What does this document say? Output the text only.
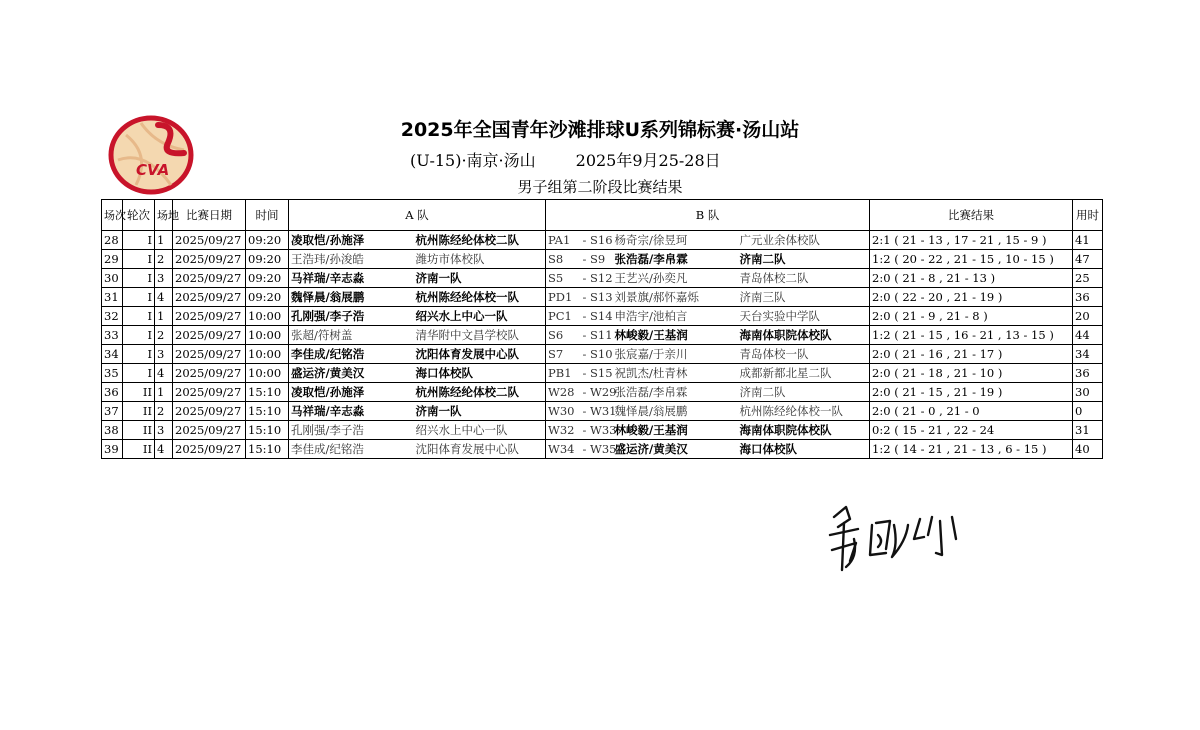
CVA
2025年全国青年沙滩排球U系列锦标赛·汤山站
(U-15)·南京·汤山	2025年9月25-28日
男子组第二阶段比赛结果
场次	轮次	场地	比赛日期	时间	A 队		B 队				比赛结果	用时
28	I	1	2025/09/27	09:20	凌取恺/孙施泽	杭州陈经纶体校二队	PA1	- S16	杨奇宗/徐昱珂	广元业余体校队	2:1 ( 21 - 13 , 17 - 21 , 15 - 9 )	41
29	I	2	2025/09/27	09:20	王浩玮/孙浚皓	潍坊市体校队	S8	- S9	张浩磊/李帛霖	济南二队	1:2 ( 20 - 22 , 21 - 15 , 10 - 15 )	47
30	I	3	2025/09/27	09:20	马祥瑞/辛志淼	济南一队	S5	- S12	王艺兴/孙奕凡	青岛体校二队	2:0 ( 21 - 8 , 21 - 13 )	25
31	I	4	2025/09/27	09:20	魏怿晨/翁展鹏	杭州陈经纶体校一队	PD1	- S13	刘景旗/郝怀嘉烁	济南三队	2:0 ( 22 - 20 , 21 - 19 )	36
32	I	1	2025/09/27	10:00	孔刚强/李子浩	绍兴水上中心一队	PC1	- S14	申浩宇/池柏言	天台实验中学队	2:0 ( 21 - 9 , 21 - 8 )	20
33	I	2	2025/09/27	10:00	张超/符树盖	清华附中文昌学校队	S6	- S11	林峻毅/王基润	海南体职院体校队	1:2 ( 21 - 15 , 16 - 21 , 13 - 15 )	44
34	I	3	2025/09/27	10:00	李佳成/纪铭浩	沈阳体育发展中心队	S7	- S10	张宸嘉/于亲川	青岛体校一队	2:0 ( 21 - 16 , 21 - 17 )	34
35	I	4	2025/09/27	10:00	盛运济/黄美汉	海口体校队	PB1	- S15	祝凯杰/杜青林	成都新都北星二队	2:0 ( 21 - 18 , 21 - 10 )	36
36	II	1	2025/09/27	15:10	凌取恺/孙施泽	杭州陈经纶体校二队	W28	- W29	张浩磊/李帛霖	济南二队	2:0 ( 21 - 15 , 21 - 19 )	30
37	II	2	2025/09/27	15:10	马祥瑞/辛志淼	济南一队	W30	- W31	魏怿晨/翁展鹏	杭州陈经纶体校一队	2:0 ( 21 - 0 , 21 - 0	0
38	II	3	2025/09/27	15:10	孔刚强/李子浩	绍兴水上中心一队	W32	- W33	林峻毅/王基润	海南体职院体校队	0:2 ( 15 - 21 , 22 - 24	31
39	II	4	2025/09/27	15:10	李佳成/纪铭浩	沈阳体育发展中心队	W34	- W35	盛运济/黄美汉	海口体校队	1:2 ( 14 - 21 , 21 - 13 , 6 - 15 )	40
